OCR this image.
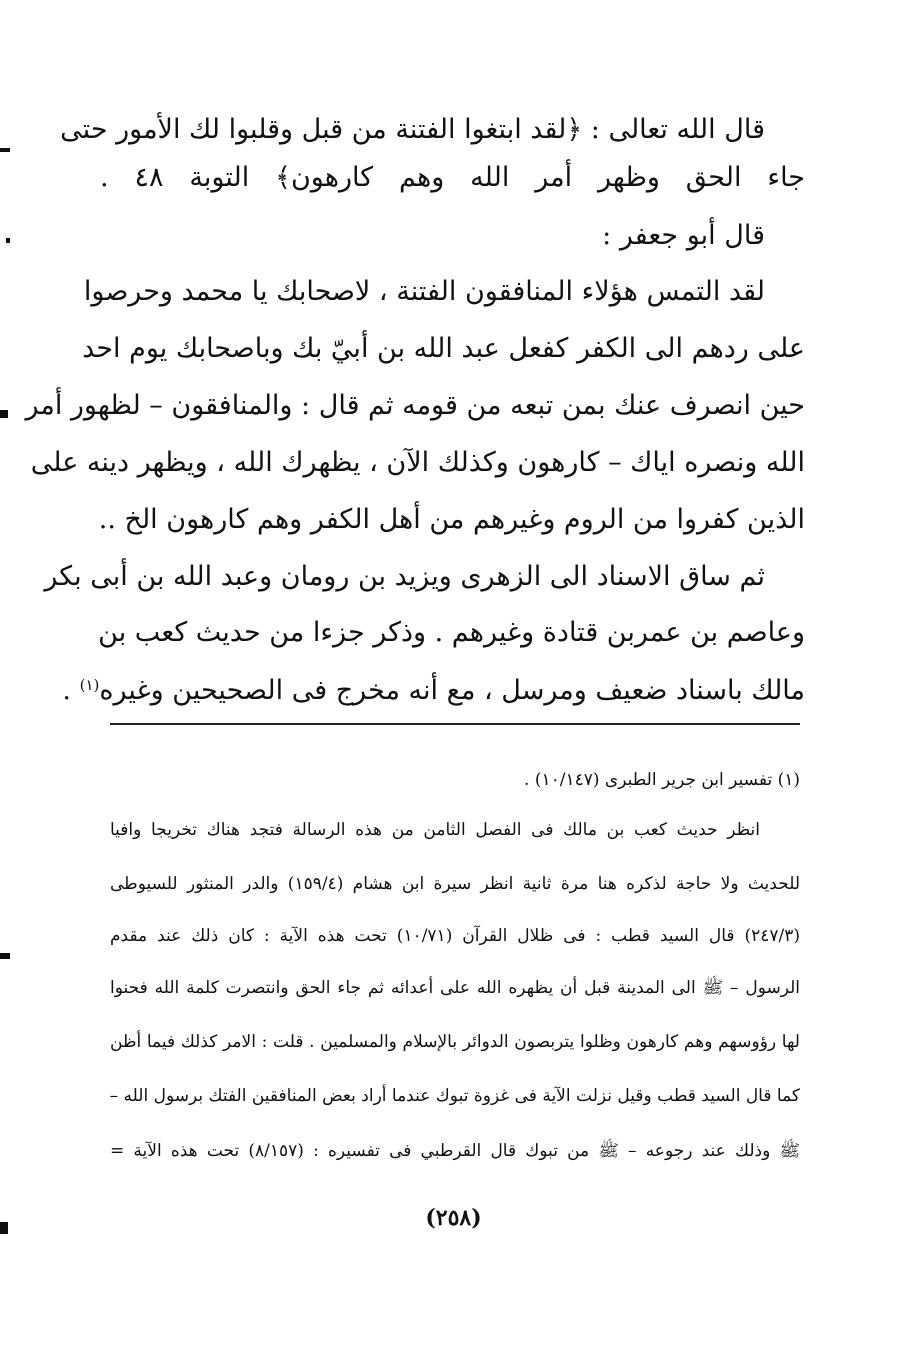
قال الله تعالى : ﴿لقد ابتغوا الفتنة من قبل وقلبوا لك الأمور حتى
جاء الحق وظهر أمر الله وهم كارهون﴾ التوبة ٤٨ .
قال أبو جعفر :
لقد التمس هؤلاء المنافقون الفتنة ، لاصحابك يا محمد وحرصوا
على ردهم الى الكفر كفعل عبد الله بن أبيّ بك وباصحابك يوم احد
حين انصرف عنك بمن تبعه من قومه ثم قال : والمنافقون – لظهور أمر
الله ونصره اياك – كارهون وكذلك الآن ، يظهرك الله ، ويظهر دينه على
الذين كفروا من الروم وغيرهم من أهل الكفر وهم كارهون الخ ..
ثم ساق الاسناد الى الزهرى ويزيد بن رومان وعبد الله بن أبى بكر
وعاصم بن عمربن قتادة وغيرهم . وذكر جزءا من حديث كعب بن
مالك باسناد ضعيف ومرسل ، مع أنه مخرج فى الصحيحين وغيره$^{(١)}$ .
(١) تفسير ابن جرير الطبرى (١٠/١٤٧) .
انظر حديث كعب بن مالك فى الفصل الثامن من هذه الرسالة فتجد هناك تخريجا وافيا
للحديث ولا حاجة لذكره هنا مرة ثانية انظر سيرة ابن هشام (١٥٩/٤) والدر المنثور للسيوطى
(٢٤٧/٣) قال السيد قطب : فى ظلال القرآن (١٠/٧١) تحت هذه الآية : كان ذلك عند مقدم
الرسول – ﷺ الى المدينة قبل أن يظهره الله على أعدائه ثم جاء الحق وانتصرت كلمة الله فحنوا
لها رؤوسهم وهم كارهون وظلوا يتربصون الدوائر بالإسلام والمسلمين . قلت : الامر كذلك فيما أظن
كما قال السيد قطب وقيل نزلت الآية فى غزوة تبوك عندما أراد بعض المنافقين الفتك برسول الله –
ﷺ وذلك عند رجوعه – ﷺ من تبوك قال القرطبي فى تفسيره : (٨/١٥٧) تحت هذه الآية =
(٢٥٨)
